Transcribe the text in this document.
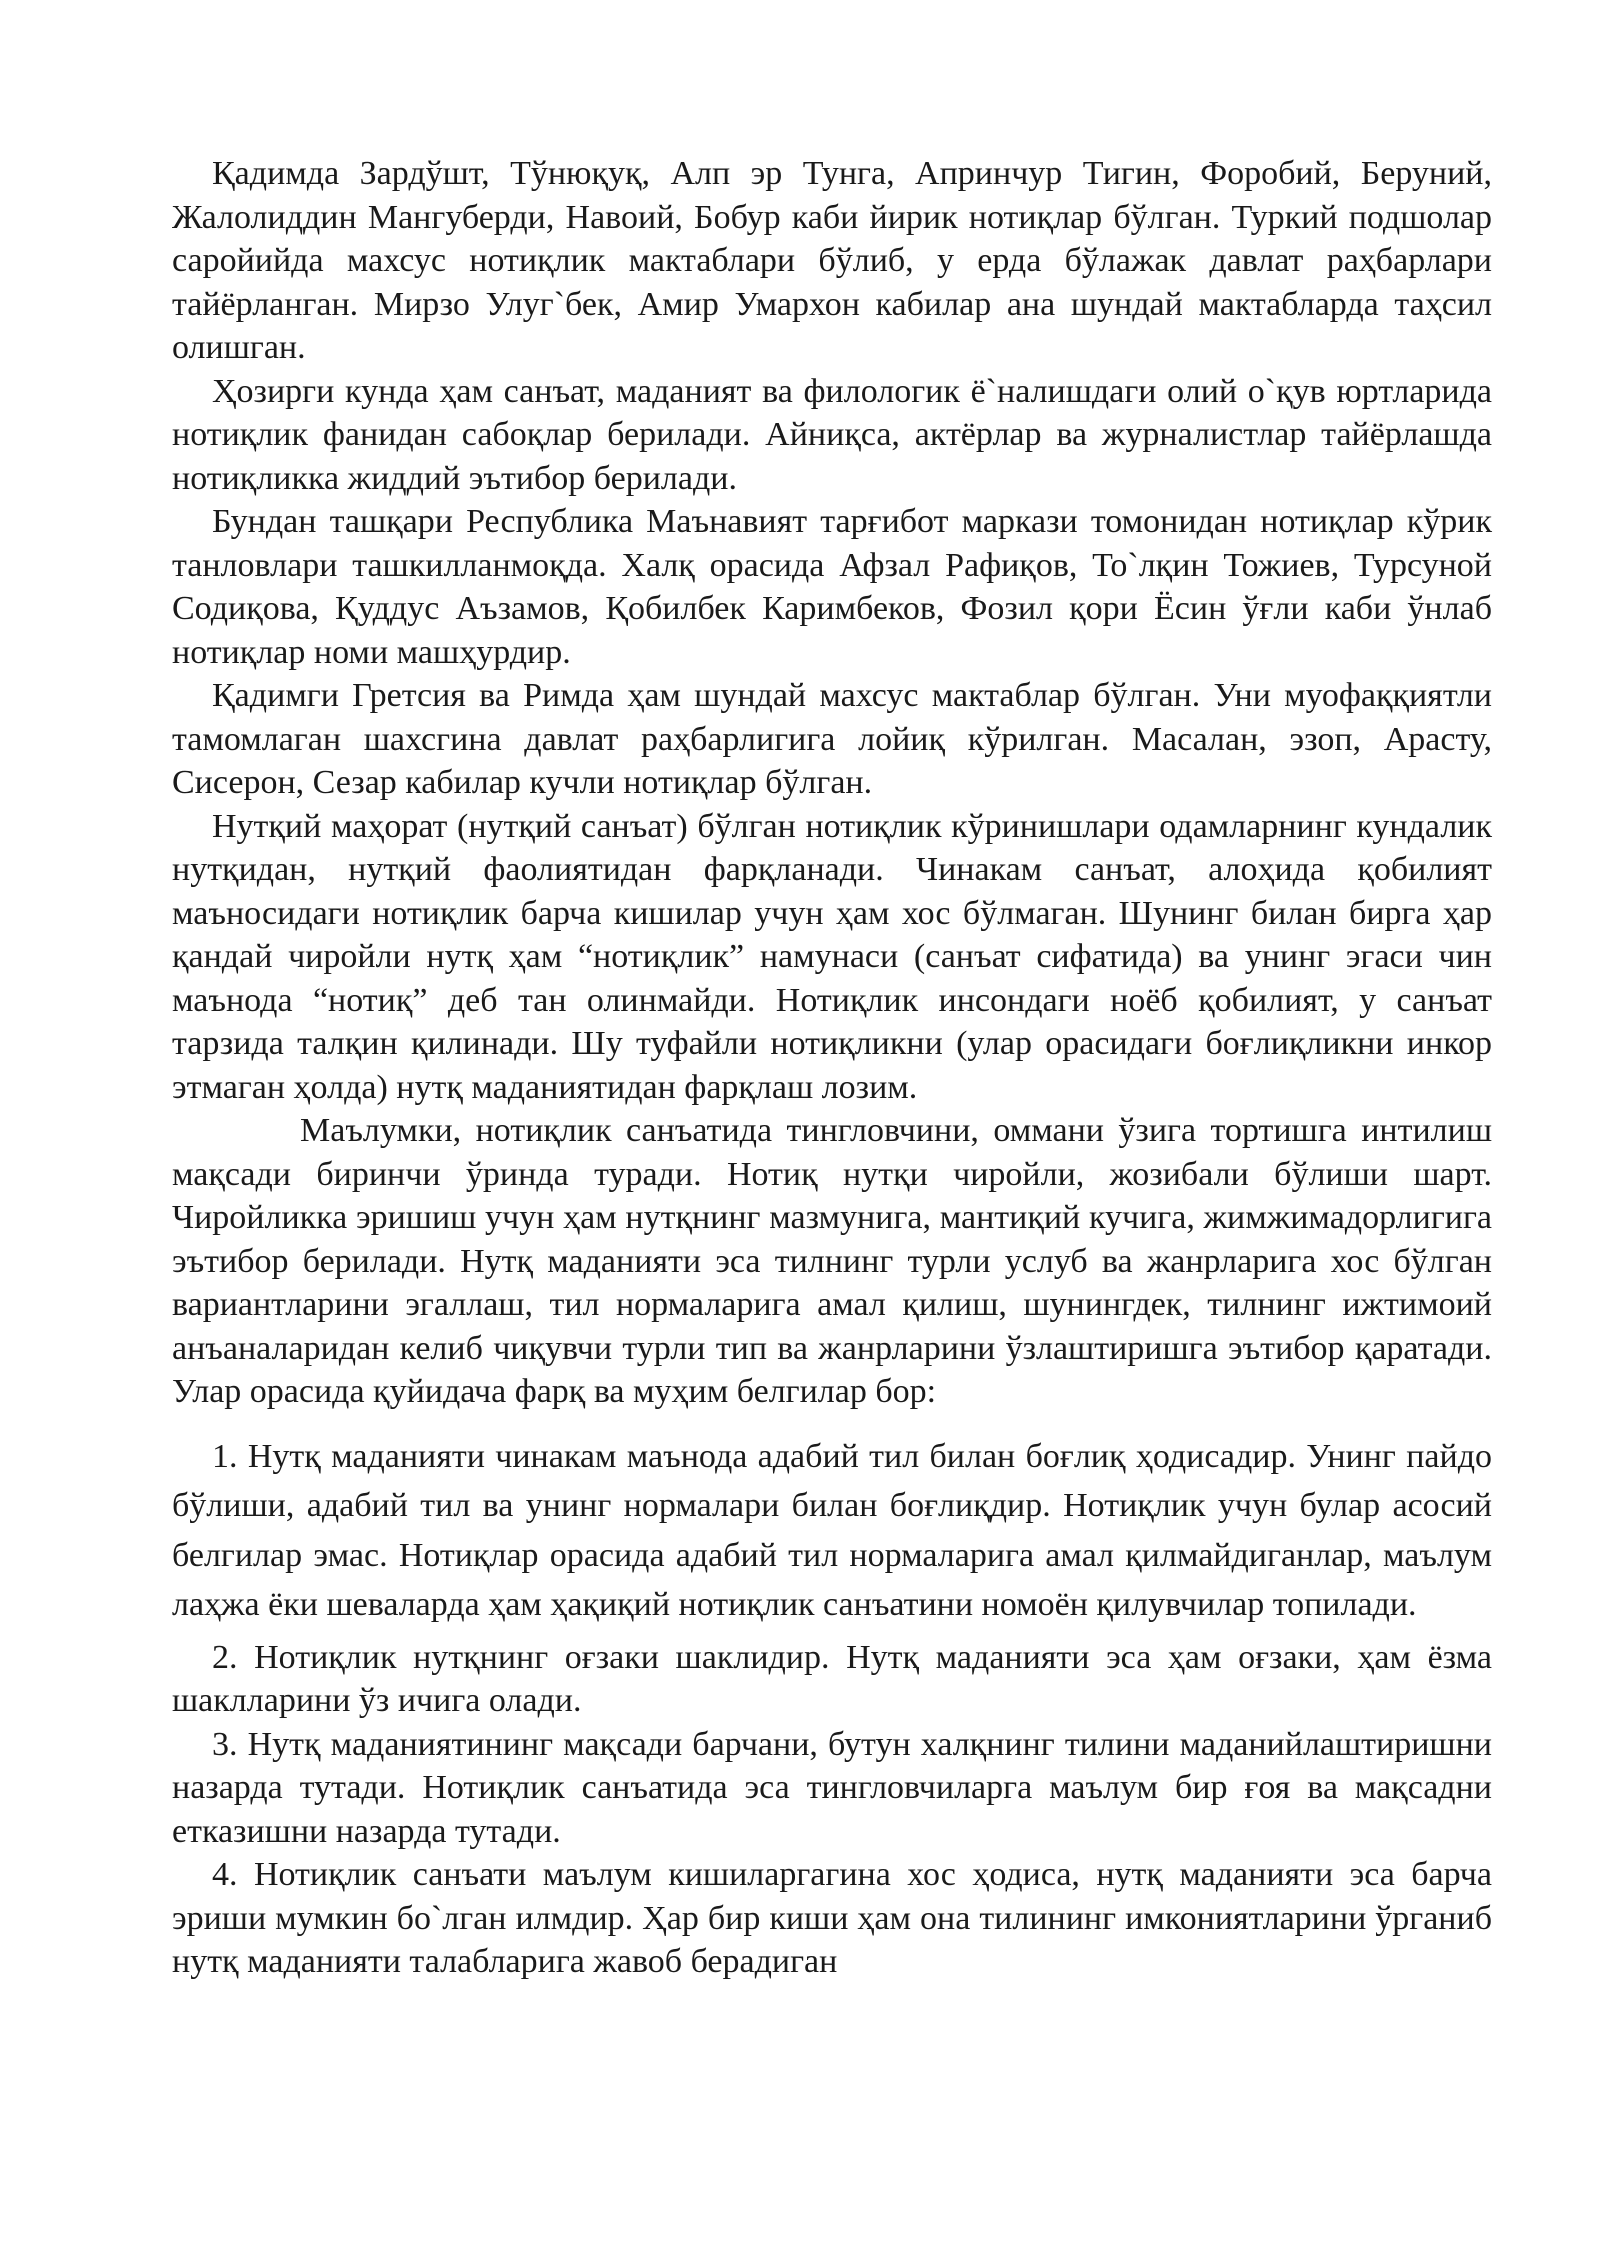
Қадимда Зардўшт, Тўнюқуқ, Алп эр Тунга, Апринчур Тигин, Форобий, Беруний, Жалолиддин Мангуберди, Навоий, Бобур каби йирик нотиқлар бўлган. Туркий подшолар саройийда махсус нотиқлик мактаблари бўлиб, у ерда бўлажак давлат раҳбарлари тайёрланган. Мирзо Улуг`бек, Амир Умархон кабилар ана шундай мактабларда таҳсил олишган.

Ҳозирги кунда ҳам санъат, маданият ва филологик ё`налишдаги олий о`қув юртларида нотиқлик фанидан сабоқлар берилади. Айниқса, актёрлар ва журналистлар тайёрлашда нотиқликка жиддий эътибор берилади.

Бундан ташқари Республика Маънавият тарғибот маркази томонидан нотиқлар кўрик танловлари ташкилланмоқда. Халқ орасида Афзал Рафиқов, То`лқин Тожиев, Турсуной Содиқова, Қуддус Аъзамов, Қобилбек Каримбеков, Фозил қори Ёсин ўғли каби ўнлаб нотиқлар номи машҳурдир.

Қадимги Гретсия ва Римда ҳам шундай махсус мактаблар бўлган. Уни муофаққиятли тамомлаган шахсгина давлат раҳбарлигига лойиқ кўрилган. Масалан, эзоп, Арасту, Сисерон, Сезар кабилар кучли нотиқлар бўлган.

Нутқий маҳорат (нутқий санъат) бўлган нотиқлик кўринишлари одамларнинг кундалик нутқидан, нутқий фаолиятидан фарқланади. Чинакам санъат, алоҳида қобилият маъносидаги нотиқлик барча кишилар учун ҳам хос бўлмаган. Шунинг билан бирга ҳар қандай чиройли нутқ ҳам “нотиқлик” намунаси (санъат сифатида) ва унинг эгаси чин маънода “нотиқ” деб тан олинмайди. Нотиқлик инсондаги ноёб қобилият, у санъат тарзида талқин қилинади. Шу туфайли нотиқликни (улар орасидаги боғлиқликни инкор этмаган ҳолда) нутқ маданиятидан фарқлаш лозим.

Маълумки, нотиқлик санъатида тингловчини, оммани ўзига тортишга интилиш мақсади биринчи ўринда туради. Нотиқ нутқи чиройли, жозибали бўлиши шарт. Чиройликка эришиш учун ҳам нутқнинг мазмунига, мантиқий кучига, жимжимадорлигига эътибор берилади. Нутқ маданияти эса тилнинг турли услуб ва жанрларига хос бўлган вариантларини эгаллаш, тил нормаларига амал қилиш, шунингдек, тилнинг ижтимоий анъаналаридан келиб чиқувчи турли тип ва жанрларини ўзлаштиришга эътибор қаратади. Улар орасида қуйидача фарқ ва муҳим белгилар бор:

1. Нутқ маданияти чинакам маънода адабий тил билан боғлиқ ҳодисадир. Унинг пайдо бўлиши, адабий тил ва унинг нормалари билан боғлиқдир. Нотиқлик учун булар асосий белгилар эмас. Нотиқлар орасида адабий тил нормаларига амал қилмайдиганлар, маълум лаҳжа ёки шеваларда ҳам ҳақиқий нотиқлик санъатини номоён қилувчилар топилади.

2. Нотиқлик нутқнинг оғзаки шаклидир. Нутқ маданияти эса ҳам оғзаки, ҳам ёзма шаклларини ўз ичига олади.

3. Нутқ маданиятининг мақсади барчани, бутун халқнинг тилини маданийлаштиришни назарда тутади. Нотиқлик санъатида эса тингловчиларга маълум бир ғоя ва мақсадни етказишни назарда тутади.

4. Нотиқлик санъати маълум кишиларгагина хос ҳодиса, нутқ маданияти эса барча эриши мумкин бо`лган илмдир. Ҳар бир киши ҳам она тилининг имкониятларини ўрганиб нутқ маданияти талабларига жавоб берадиган
